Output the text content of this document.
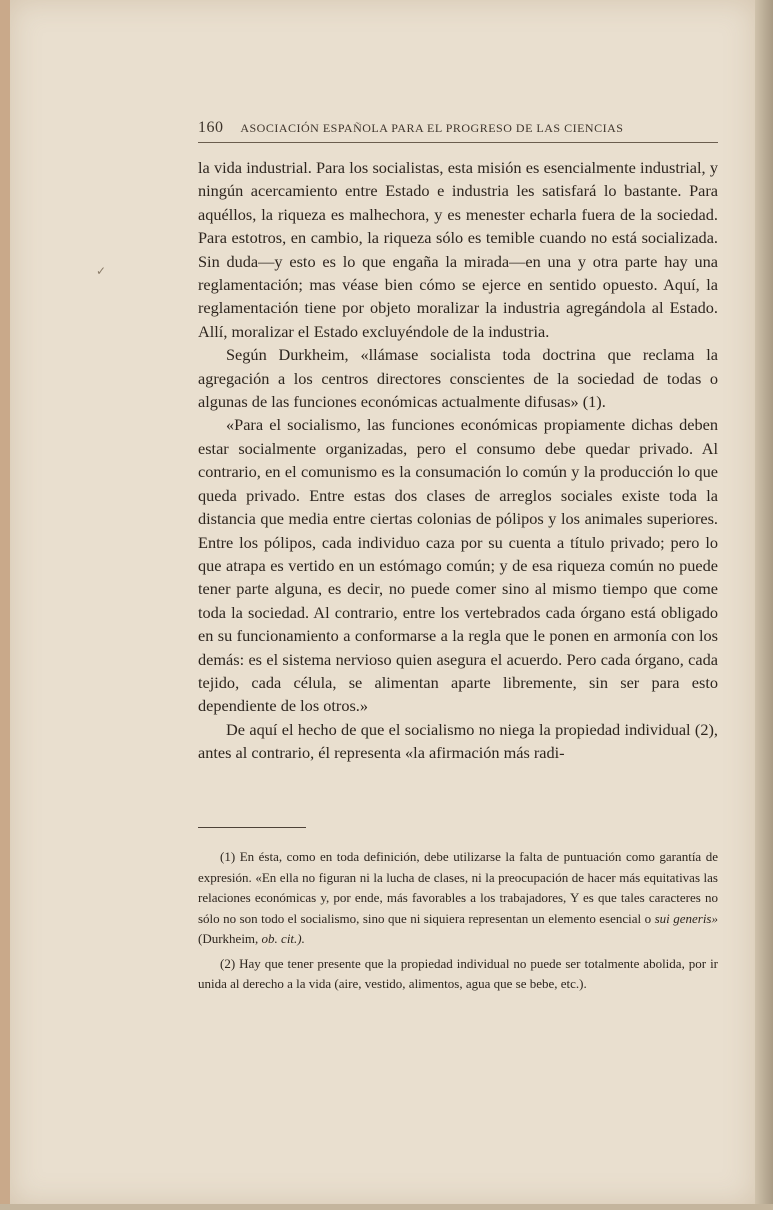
✓
160 ASOCIACIÓN ESPAÑOLA PARA EL PROGRESO DE LAS CIENCIAS

la vida industrial. Para los socialistas, esta misión es esencialmente industrial, y ningún acercamiento entre Estado e industria les satisfará lo bastante. Para aquéllos, la riqueza es malhechora, y es menester echarla fuera de la sociedad. Para estotros, en cambio, la riqueza sólo es temible cuando no está socializada. Sin duda—y esto es lo que engaña la mirada—en una y otra parte hay una reglamentación; mas véase bien cómo se ejerce en sentido opuesto. Aquí, la reglamentación tiene por objeto moralizar la industria agregándola al Estado. Allí, moralizar el Estado excluyéndole de la industria.

Según Durkheim, «llámase socialista toda doctrina que reclama la agregación a los centros directores conscientes de la sociedad de todas o algunas de las funciones económicas actualmente difusas» (1).

«Para el socialismo, las funciones económicas propiamente dichas deben estar socialmente organizadas, pero el consumo debe quedar privado. Al contrario, en el comunismo es la consumación lo común y la producción lo que queda privado. Entre estas dos clases de arreglos sociales existe toda la distancia que media entre ciertas colonias de pólipos y los animales superiores. Entre los pólipos, cada individuo caza por su cuenta a título privado; pero lo que atrapa es vertido en un estómago común; y de esa riqueza común no puede tener parte alguna, es decir, no puede comer sino al mismo tiempo que come toda la sociedad. Al contrario, entre los vertebrados cada órgano está obligado en su funcionamiento a conformarse a la regla que le ponen en armonía con los demás: es el sistema nervioso quien asegura el acuerdo. Pero cada órgano, cada tejido, cada célula, se alimentan aparte libremente, sin ser para esto dependiente de los otros.»

De aquí el hecho de que el socialismo no niega la propiedad individual (2), antes al contrario, él representa «la afirmación más radi-

(1) En ésta, como en toda definición, debe utilizarse la falta de puntuación como garantía de expresión. «En ella no figuran ni la lucha de clases, ni la preocupación de hacer más equitativas las relaciones económicas y, por ende, más favorables a los trabajadores, Y es que tales caracteres no sólo no son todo el socialismo, sino que ni siquiera representan un elemento esencial o sui generis» (Durkheim, ob. cit.).

(2) Hay que tener presente que la propiedad individual no puede ser totalmente abolida, por ir unida al derecho a la vida (aire, vestido, alimentos, agua que se bebe, etc.).
